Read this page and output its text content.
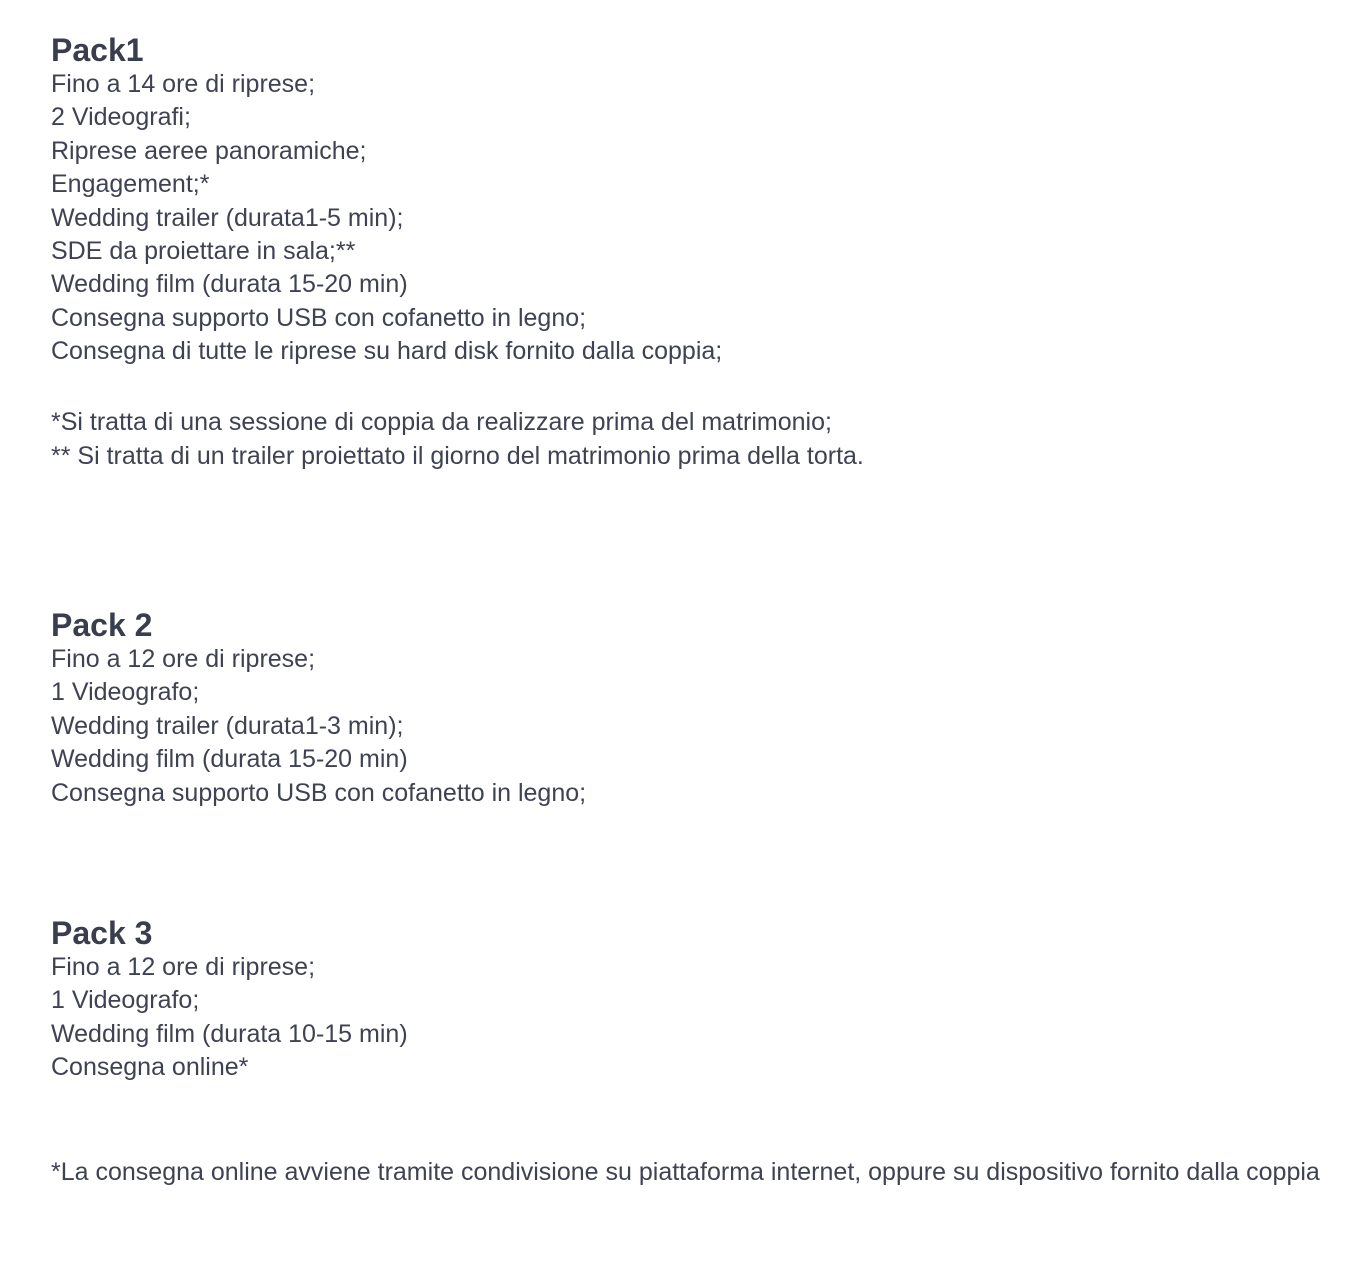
Pack1

Fino a 14 ore di riprese;

2 Videografi;

Riprese aeree panoramiche;

Engagement;*

Wedding trailer (durata1-5 min);

SDE da proiettare in sala;**

Wedding film (durata 15-20 min)

Consegna supporto USB con cofanetto in legno;

Consegna di tutte le riprese su hard disk fornito dalla coppia;

*Si tratta di una sessione di coppia da realizzare prima del matrimonio;

** Si tratta di un trailer proiettato il giorno del matrimonio prima della torta.

Pack 2

Fino a 12 ore di riprese;

1 Videografo;

Wedding trailer (durata1-3 min);

Wedding film (durata 15-20 min)

Consegna supporto USB con cofanetto in legno;

Pack 3

Fino a 12 ore di riprese;

1 Videografo;

Wedding film (durata 10-15 min)

Consegna online*

*La consegna online avviene tramite condivisione su piattaforma internet, oppure su dispositivo fornito dalla coppia
